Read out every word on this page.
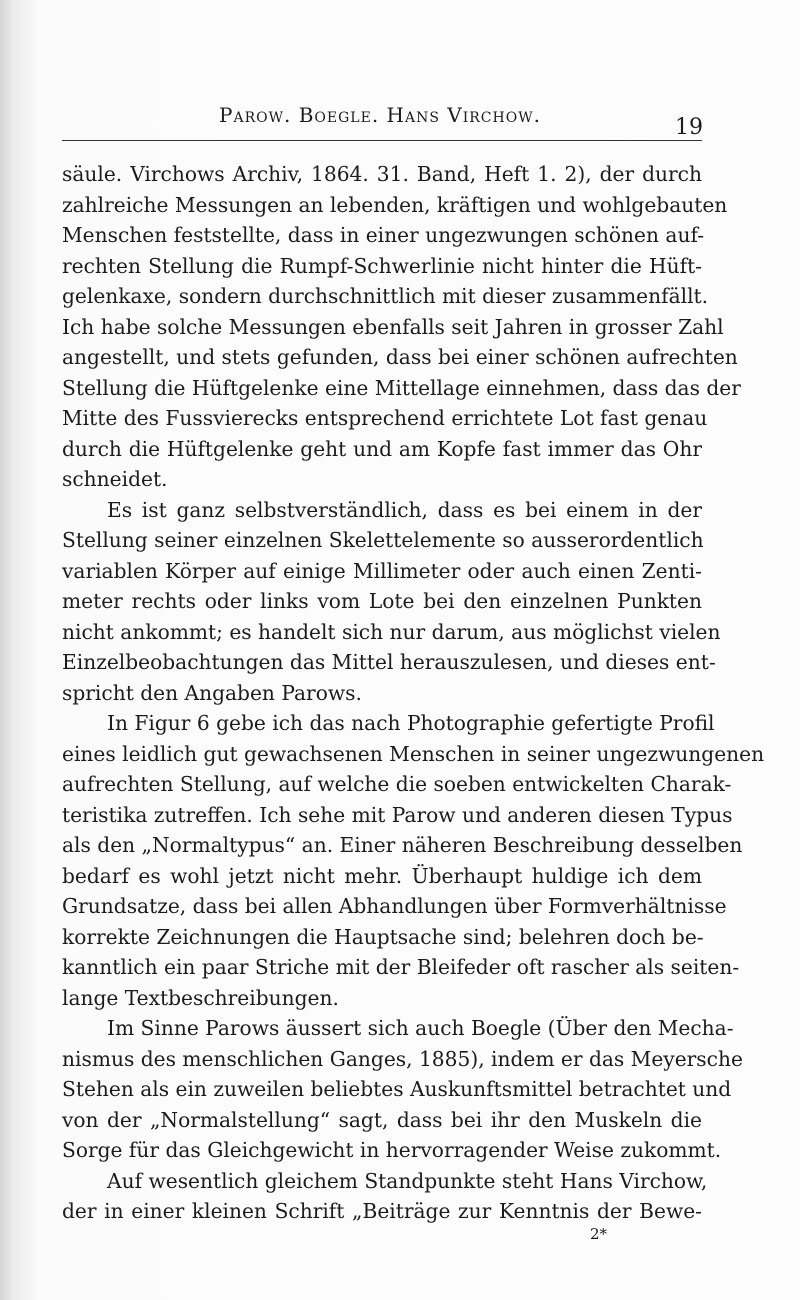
Parow. Boegle. Hans Virchow.	19
säule. Virchows Archiv, 1864. 31. Band, Heft 1. 2), der durch
zahlreiche Messungen an lebenden, kräftigen und wohlgebauten
Menschen feststellte, dass in einer ungezwungen schönen auf-
rechten Stellung die Rumpf-Schwerlinie nicht hinter die Hüft-
gelenkaxe, sondern durchschnittlich mit dieser zusammenfällt.
Ich habe solche Messungen ebenfalls seit Jahren in grosser Zahl
angestellt, und stets gefunden, dass bei einer schönen aufrechten
Stellung die Hüftgelenke eine Mittellage einnehmen, dass das der
Mitte des Fussvierecks entsprechend errichtete Lot fast genau
durch die Hüftgelenke geht und am Kopfe fast immer das Ohr
schneidet.
Es ist ganz selbstverständlich, dass es bei einem in der
Stellung seiner einzelnen Skelettelemente so ausserordentlich
variablen Körper auf einige Millimeter oder auch einen Zenti-
meter rechts oder links vom Lote bei den einzelnen Punkten
nicht ankommt; es handelt sich nur darum, aus möglichst vielen
Einzelbeobachtungen das Mittel herauszulesen, und dieses ent-
spricht den Angaben Parows.
In Figur 6 gebe ich das nach Photographie gefertigte Profil
eines leidlich gut gewachsenen Menschen in seiner ungezwungenen
aufrechten Stellung, auf welche die soeben entwickelten Charak-
teristika zutreffen. Ich sehe mit Parow und anderen diesen Typus
als den „Normaltypus“ an. Einer näheren Beschreibung desselben
bedarf es wohl jetzt nicht mehr. Überhaupt huldige ich dem
Grundsatze, dass bei allen Abhandlungen über Formverhältnisse
korrekte Zeichnungen die Hauptsache sind; belehren doch be-
kanntlich ein paar Striche mit der Bleifeder oft rascher als seiten-
lange Textbeschreibungen.
Im Sinne Parows äussert sich auch Boegle (Über den Mecha-
nismus des menschlichen Ganges, 1885), indem er das Meyersche
Stehen als ein zuweilen beliebtes Auskunftsmittel betrachtet und
von der „Normalstellung“ sagt, dass bei ihr den Muskeln die
Sorge für das Gleichgewicht in hervorragender Weise zukommt.
Auf wesentlich gleichem Standpunkte steht Hans Virchow,
der in einer kleinen Schrift „Beiträge zur Kenntnis der Bewe-
2*
